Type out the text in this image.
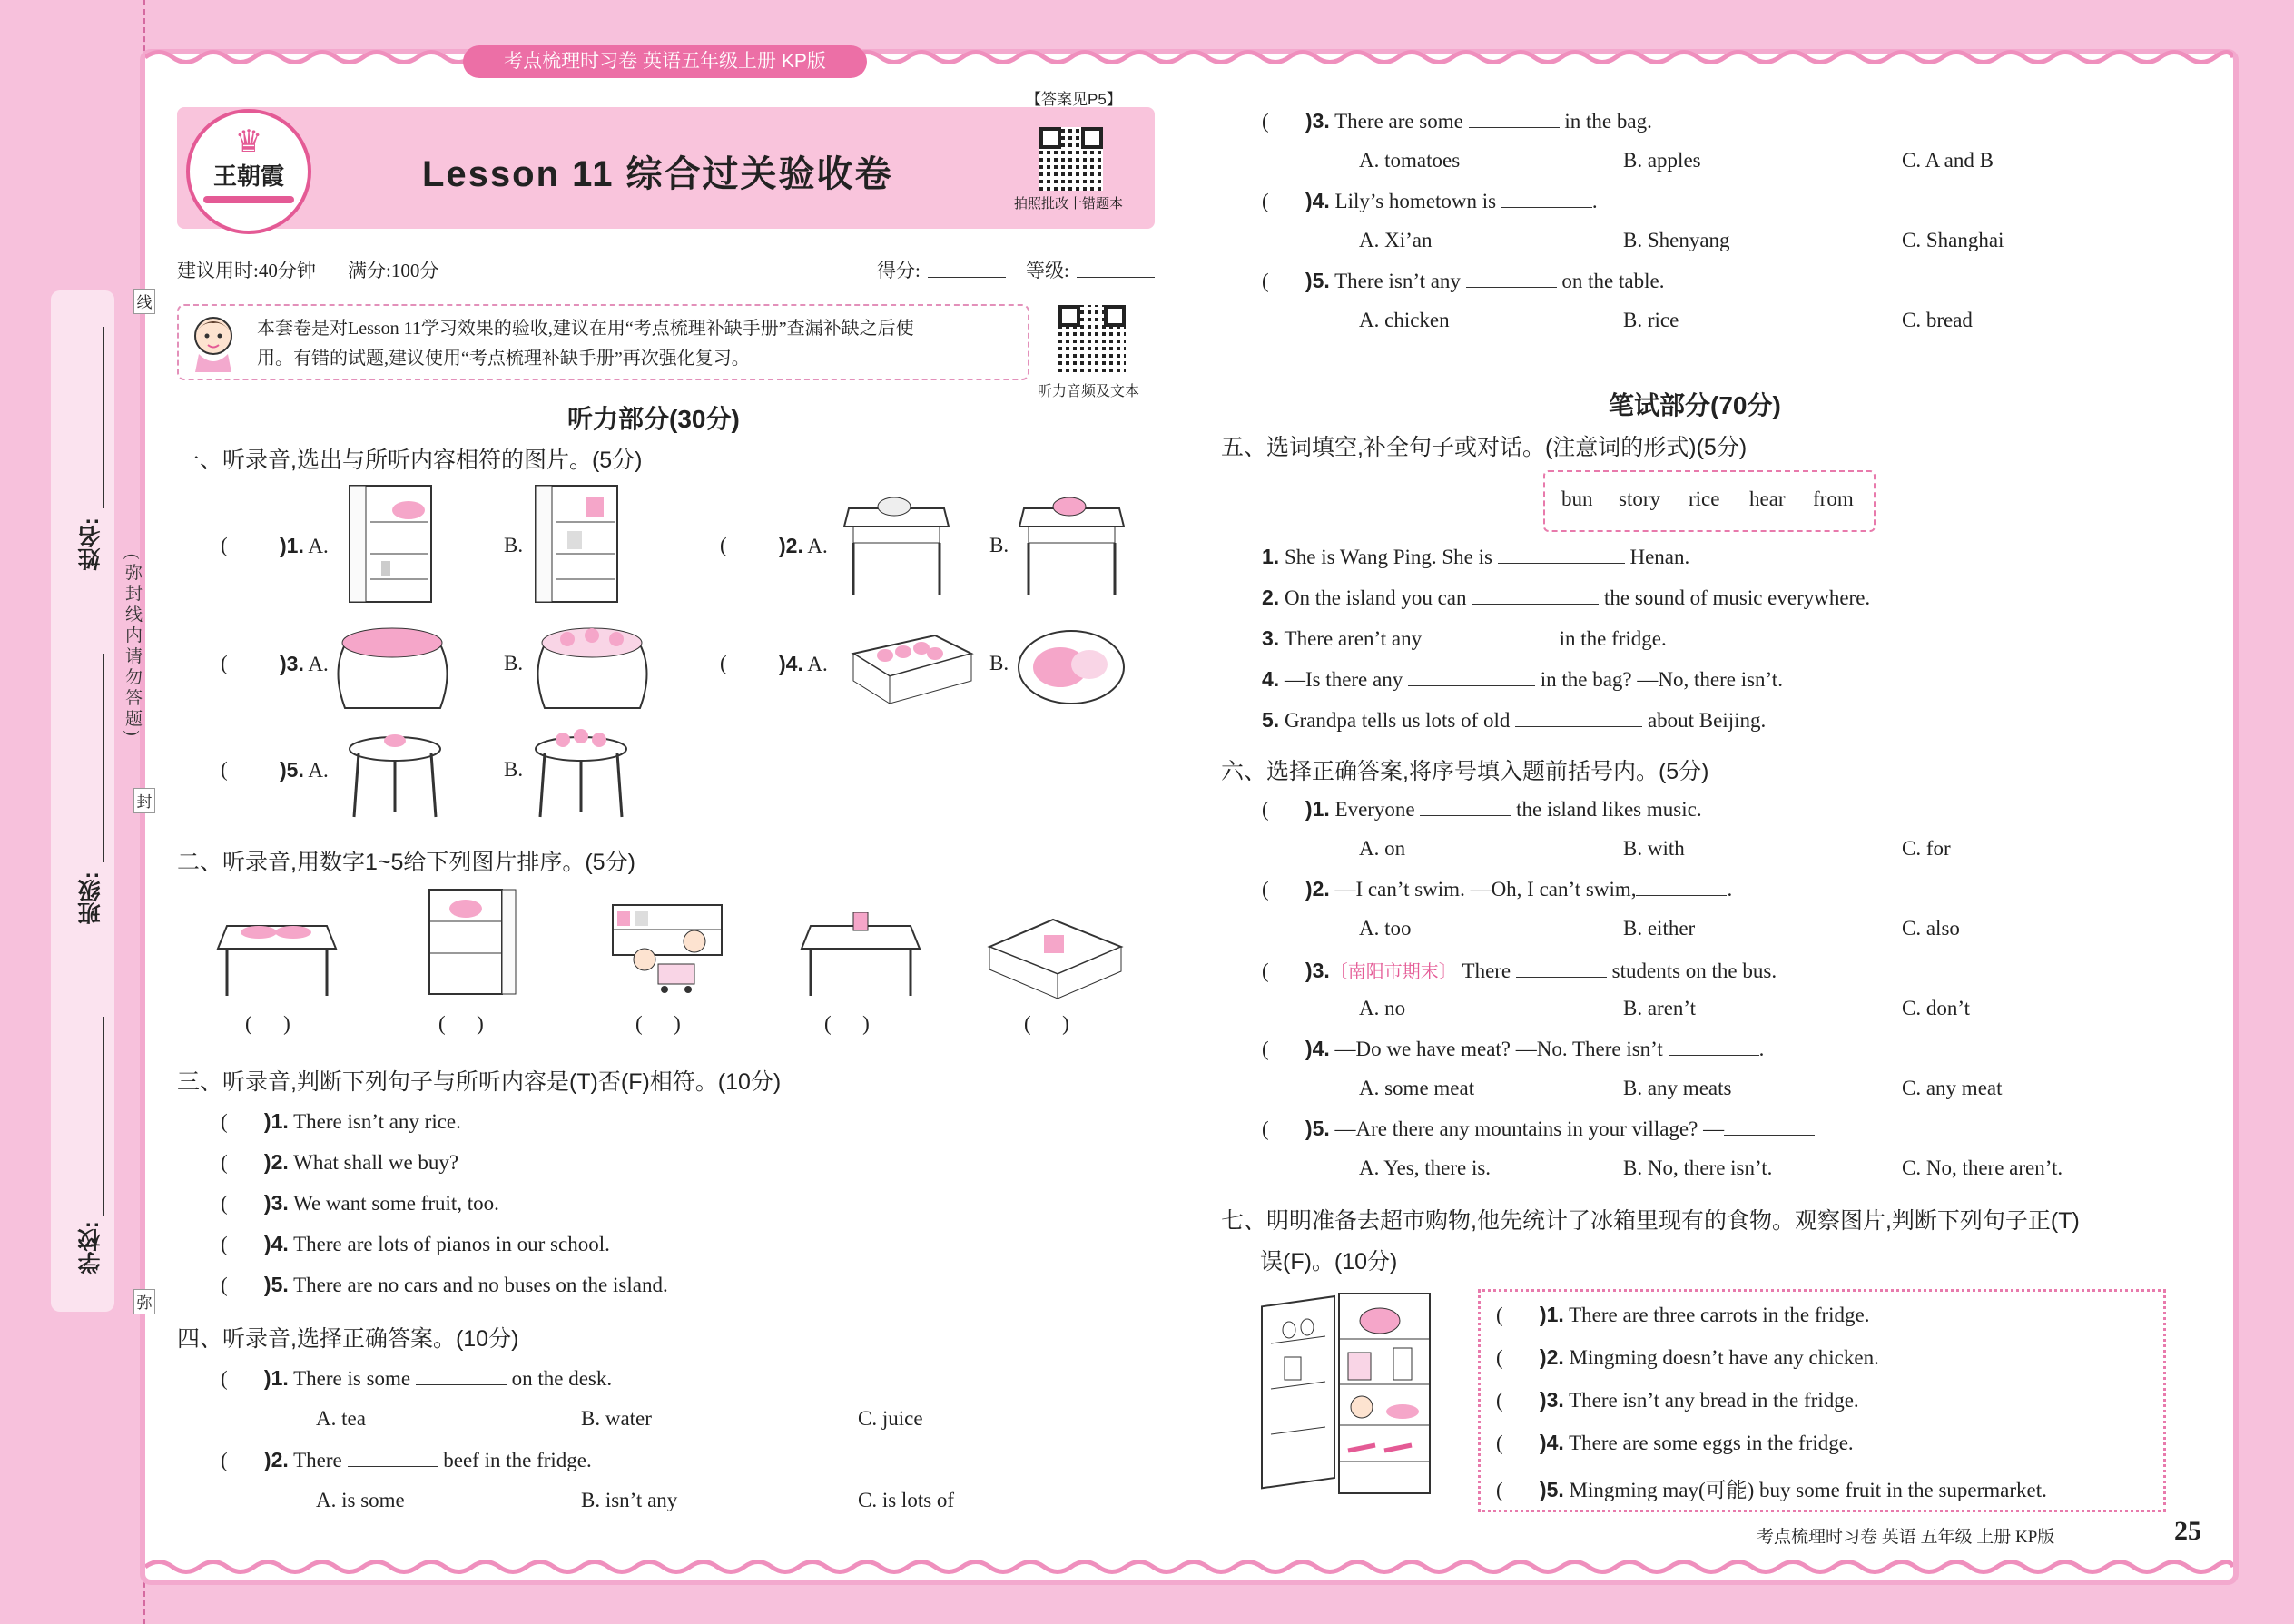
姓名:
班级:
学校:
(弥封线内请勿答题)
线
封
弥
考点梳理时习卷 英语五年级上册 KP版
♛
王朝霞
【答案见P5】
Lesson 11 综合过关验收卷
拍照批改十错题本
建议用时:40分钟 满分:100分	得分:	等级:
本套卷是对Lesson 11学习效果的验收,建议在用“考点梳理补缺手册”查漏补缺之后使
用。有错的试题,建议使用“考点梳理补缺手册”再次强化复习。
听力音频及文本
听力部分(30分)
一、听录音,选出与所听内容相符的图片。(5分)
( )1. A.	B.	( )2. A.	B.
( )3. A.	B.	( )4. A.	B.
( )5. A.	B.
二、听录音,用数字1~5给下列图片排序。(5分)
(      )	(      )	(      )	(      )	(      )
三、听录音,判断下列句子与所听内容是(T)否(F)相符。(10分)
(       )1. There isn’t any rice.
(       )2. What shall we buy?
(       )3. We want some fruit, too.
(       )4. There are lots of pianos in our school.
(       )5. There are no cars and no buses on the island.
四、听录音,选择正确答案。(10分)
(       )1. There is some	on the desk.
A. tea	B. water	C. juice
(       )2. There	beef in the fridge.
A. is some	B. isn’t any	C. is lots of
(       )3. There are some	in the bag.
A. tomatoes	B. apples	C. A and B
(       )4. Lily’s hometown is	.
A. Xi’an	B. Shenyang	C. Shanghai
(       )5. There isn’t any	on the table.
A. chicken	B. rice	C. bread
笔试部分(70分)
五、选词填空,补全句子或对话。(注意词的形式)(5分)
bun story rice hear from
1. She is Wang Ping. She is	Henan.
2. On the island you can	the sound of music everywhere.
3. There aren’t any	in the fridge.
4. —Is there any	in the bag? —No, there isn’t.
5. Grandpa tells us lots of old	about Beijing.
六、选择正确答案,将序号填入题前括号内。(5分)
(       )1. Everyone	the island likes music.
A. on	B. with	C. for
(       )2. —I can’t swim. —Oh, I can’t swim,	.
A. too	B. either	C. also
(       )3.〔南阳市期末〕 There	students on the bus.
A. no	B. aren’t	C. don’t
(       )4. —Do we have meat? —No. There isn’t	.
A. some meat	B. any meats	C. any meat
(       )5. —Are there any mountains in your village? —
A. Yes, there is.	B. No, there isn’t.	C. No, there aren’t.
七、明明准备去超市购物,他先统计了冰箱里现有的食物。观察图片,判断下列句子正(T)
误(F)。(10分)
(       )1. There are three carrots in the fridge.
(       )2. Mingming doesn’t have any chicken.
(       )3. There isn’t any bread in the fridge.
(       )4. There are some eggs in the fridge.
(       )5. Mingming may(可能) buy some fruit in the supermarket.
考点梳理时习卷 英语 五年级 上册 KP版	25
